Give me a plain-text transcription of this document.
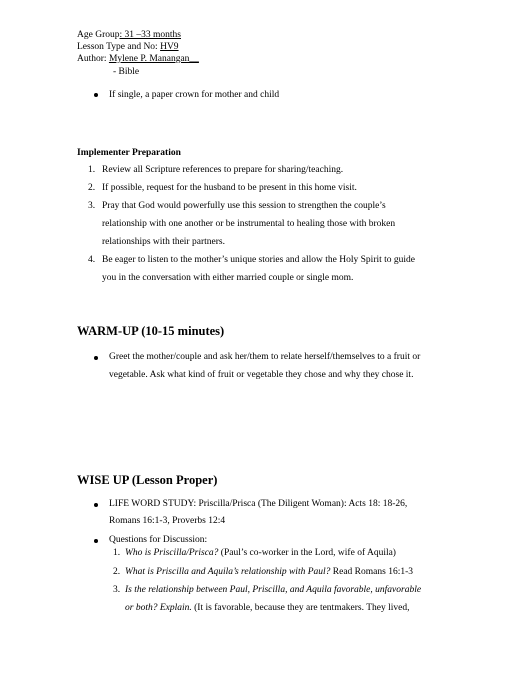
Age Group: 31 –33 months
Lesson Type and No: HV9
Author: Mylene P. Manangan__
- Bible
If single, a paper crown for mother and child
Implementer Preparation
1. Review all Scripture references to prepare for sharing/teaching.
2. If possible, request for the husband to be present in this home visit.
3. Pray that God would powerfully use this session to strengthen the couple’s
relationship with one another or be instrumental to healing those with broken
relationships with their partners.
4. Be eager to listen to the mother’s unique stories and allow the Holy Spirit to guide
you in the conversation with either married couple or single mom.
WARM-UP (10-15 minutes)
Greet the mother/couple and ask her/them to relate herself/themselves to a fruit or
vegetable. Ask what kind of fruit or vegetable they chose and why they chose it.
WISE UP (Lesson Proper)
LIFE WORD STUDY: Priscilla/Prisca (The Diligent Woman): Acts 18: 18-26,
Romans 16:1-3, Proverbs 12:4
Questions for Discussion:
1. Who is Priscilla/Prisca? (Paul’s co-worker in the Lord, wife of Aquila)
2. What is Priscilla and Aquila’s relationship with Paul? Read Romans 16:1-3
3. Is the relationship between Paul, Priscilla, and Aquila favorable, unfavorable
or both? Explain. (It is favorable, because they are tentmakers. They lived,
